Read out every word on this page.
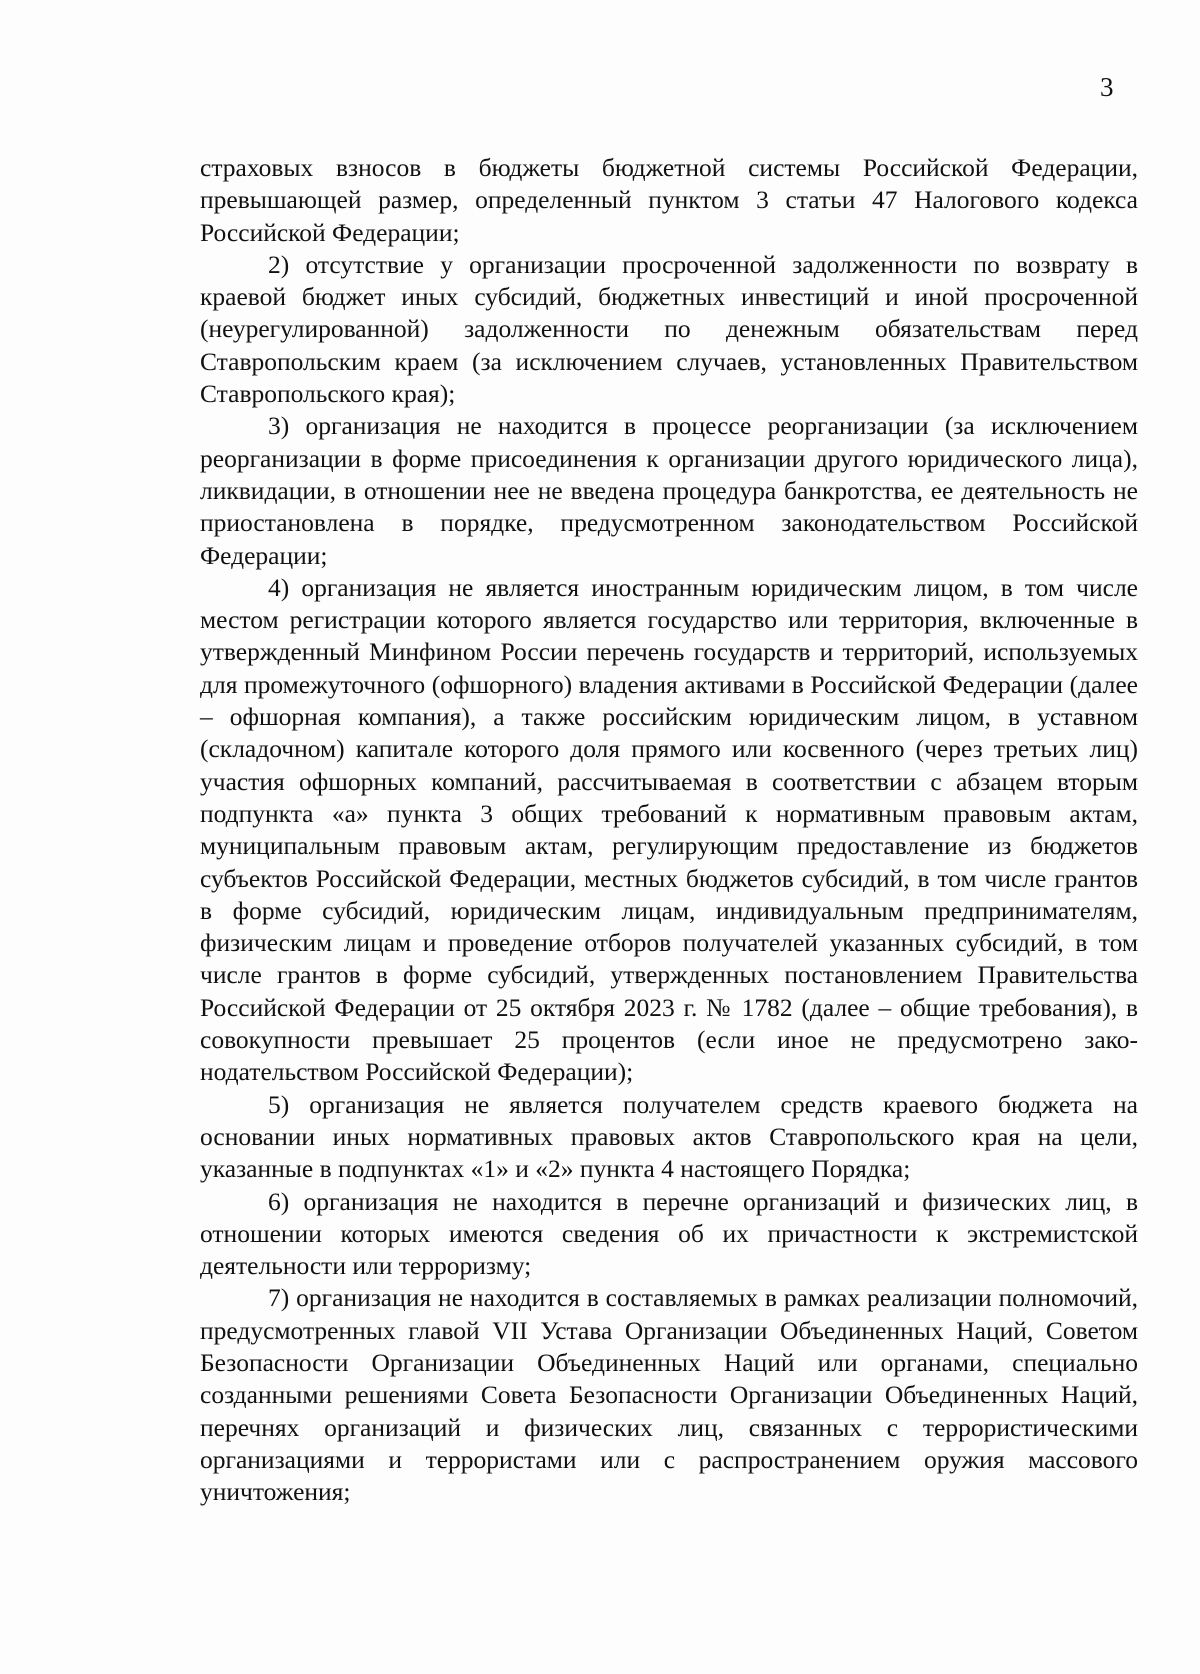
3

страховых взносов в бюджеты бюджетной системы Российской Федерации, превышающей размер, определенный пунктом 3 статьи 47 Налогового кодекса Российской Федерации;

2) отсутствие у организации просроченной задолженности по возврату в краевой бюджет иных субсидий, бюджетных инвестиций и иной просроченной (неурегулированной) задолженности по денежным обязательствам перед Ставропольским краем (за исключением случаев, установленных Правительством Ставропольского края);

3) организация не находится в процессе реорганизации (за исключением реорганизации в форме присоединения к организации другого юридического лица), ликвидации, в отношении нее не введена процедура банкротства, ее деятельность не приостановлена в порядке, предусмотренном законодательством Российской Федерации;

4) организация не является иностранным юридическим лицом, в том числе местом регистрации которого является государство или территория, включенные в утвержденный Минфином России перечень государств и территорий, используемых для промежуточного (офшорного) владения активами в Российской Федерации (далее – офшорная компания), а также российским юридическим лицом, в уставном (складочном) капитале которого доля прямого или косвенного (через третьих лиц) участия офшорных компаний, рассчитываемая в соответствии с абзацем вторым подпункта «а» пункта 3 общих требований к нормативным правовым актам, муниципальным правовым актам, регулирующим предоставление из бюджетов субъектов Российской Федерации, местных бюджетов субсидий, в том числе грантов в форме субсидий, юридическим лицам, индивидуальным предпринимателям, физическим лицам и проведение отборов получателей указанных субсидий, в том числе грантов в форме субсидий, утвержденных постановлением Правительства Российской Федерации от 25 октября 2023 г. № 1782 (далее – общие требования), в совокупности превышает 25 процентов (если иное не предусмотрено законодательством Российской Федерации);

5) организация не является получателем средств краевого бюджета на основании иных нормативных правовых актов Ставропольского края на цели, указанные в подпунктах «1» и «2» пункта 4 настоящего Порядка;

6) организация не находится в перечне организаций и физических лиц, в отношении которых имеются сведения об их причастности к экстремистской деятельности или терроризму;

7) организация не находится в составляемых в рамках реализации полномочий, предусмотренных главой VII Устава Организации Объединенных Наций, Советом Безопасности Организации Объединенных Наций или органами, специально созданными решениями Совета Безопасности Организации Объединенных Наций, перечнях организаций и физических лиц, связанных с террористическими организациями и террористами или с распространением оружия массового уничтожения;
